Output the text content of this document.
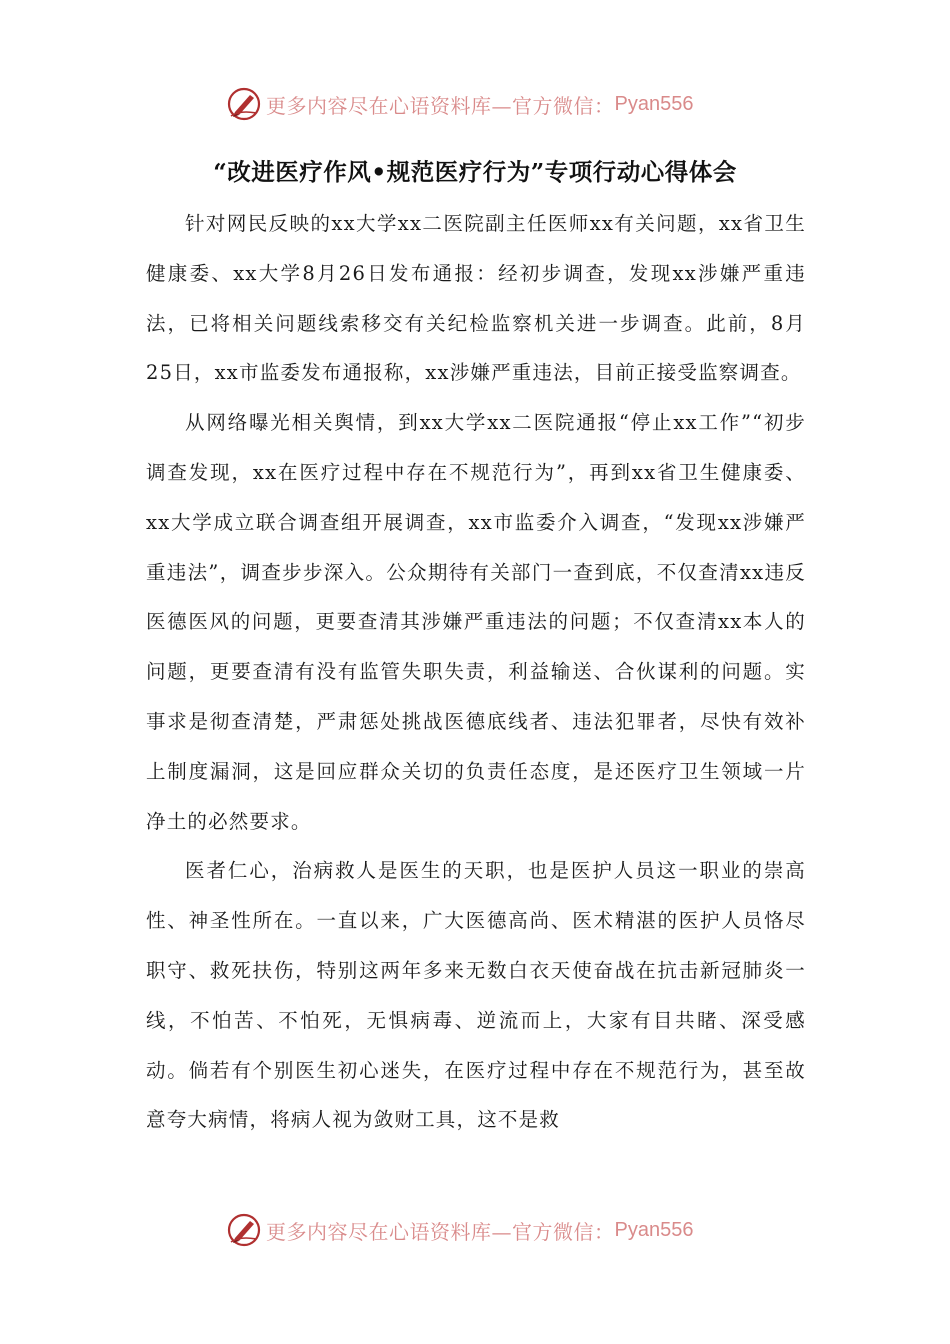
更多内容尽在心语资料库—官方微信： Pyan556
“改进医疗作风•规范医疗行为”专项行动心得体会

针对网民反映的xx大学xx二医院副主任医师xx有关问题，xx省卫生健康委、xx大学8月26日发布通报：经初步调查，发现xx涉嫌严重违法，已将相关问题线索移交有关纪检监察机关进一步调查。此前，8月25日，xx市监委发布通报称，xx涉嫌严重违法，目前正接受监察调查。

从网络曝光相关舆情，到xx大学xx二医院通报“停止xx工作”“初步调查发现，xx在医疗过程中存在不规范行为”，再到xx省卫生健康委、xx大学成立联合调查组开展调查，xx市监委介入调查，“发现xx涉嫌严重违法”，调查步步深入。公众期待有关部门一查到底，不仅查清xx违反医德医风的问题，更要查清其涉嫌严重违法的问题；不仅查清xx本人的问题，更要查清有没有监管失职失责，利益输送、合伙谋利的问题。实事求是彻查清楚，严肃惩处挑战医德底线者、违法犯罪者，尽快有效补上制度漏洞，这是回应群众关切的负责任态度，是还医疗卫生领域一片净土的必然要求。

医者仁心，治病救人是医生的天职，也是医护人员这一职业的崇高性、神圣性所在。一直以来，广大医德高尚、医术精湛的医护人员恪尽职守、救死扶伤，特别这两年多来无数白衣天使奋战在抗击新冠肺炎一线，不怕苦、不怕死，无惧病毒、逆流而上，大家有目共睹、深受感动。倘若有个别医生初心迷失，在医疗过程中存在不规范行为，甚至故意夸大病情，将病人视为敛财工具，这不是救

更多内容尽在心语资料库—官方微信： Pyan556
